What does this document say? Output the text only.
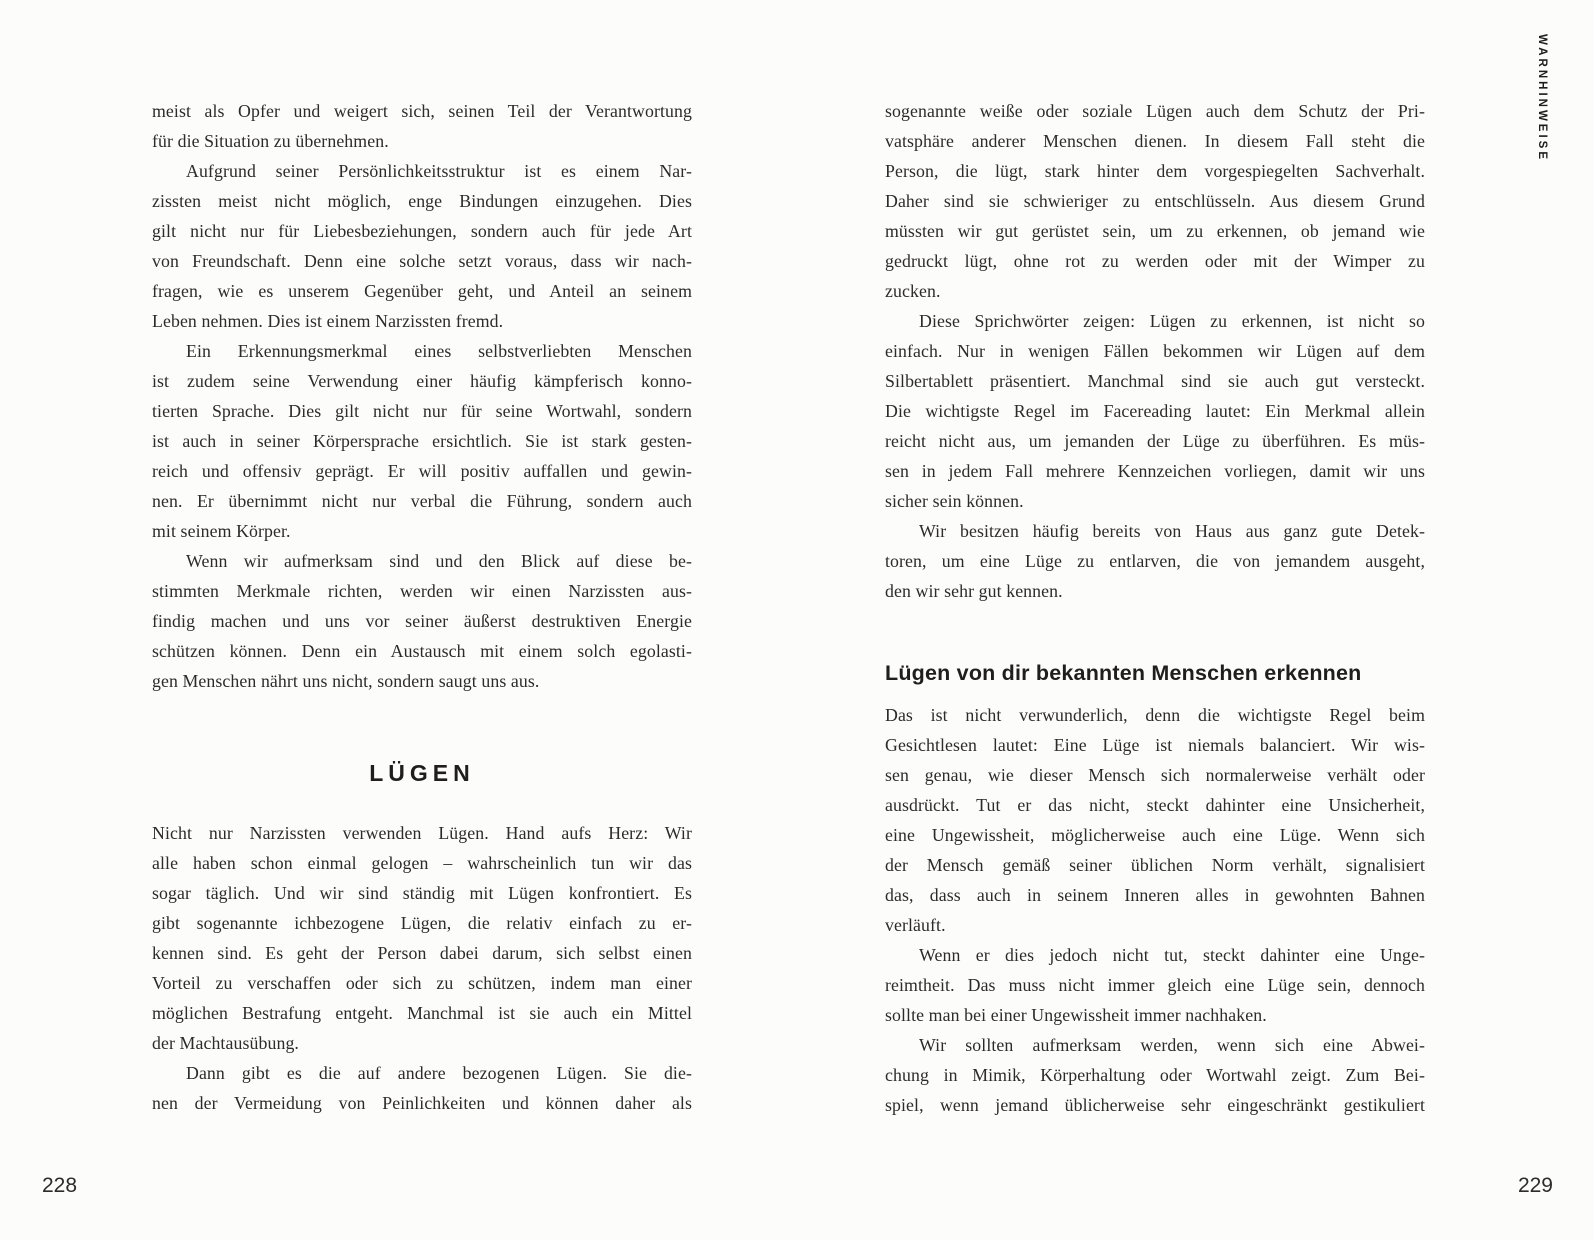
WARNHINWEISE
meist als Opfer und weigert sich, seinen Teil der Verantwortung
für die Situation zu übernehmen.
Aufgrund seiner Persönlichkeitsstruktur ist es einem Nar-
zissten meist nicht möglich, enge Bindungen einzugehen. Dies
gilt nicht nur für Liebesbeziehungen, sondern auch für jede Art
von Freundschaft. Denn eine solche setzt voraus, dass wir nach-
fragen, wie es unserem Gegenüber geht, und Anteil an seinem
Leben nehmen. Dies ist einem Narzissten fremd.
Ein Erkennungsmerkmal eines selbstverliebten Menschen
ist zudem seine Verwendung einer häufig kämpferisch konno-
tierten Sprache. Dies gilt nicht nur für seine Wortwahl, sondern
ist auch in seiner Körpersprache ersichtlich. Sie ist stark gesten-
reich und offensiv geprägt. Er will positiv auffallen und gewin-
nen. Er übernimmt nicht nur verbal die Führung, sondern auch
mit seinem Körper.
Wenn wir aufmerksam sind und den Blick auf diese be-
stimmten Merkmale richten, werden wir einen Narzissten aus-
findig machen und uns vor seiner äußerst destruktiven Energie
schützen können. Denn ein Austausch mit einem solch egolasti-
gen Menschen nährt uns nicht, sondern saugt uns aus.
LÜGEN
Nicht nur Narzissten verwenden Lügen. Hand aufs Herz: Wir
alle haben schon einmal gelogen – wahrscheinlich tun wir das
sogar täglich. Und wir sind ständig mit Lügen konfrontiert. Es
gibt sogenannte ichbezogene Lügen, die relativ einfach zu er-
kennen sind. Es geht der Person dabei darum, sich selbst einen
Vorteil zu verschaffen oder sich zu schützen, indem man einer
möglichen Bestrafung entgeht. Manchmal ist sie auch ein Mittel
der Machtausübung.
Dann gibt es die auf andere bezogenen Lügen. Sie die-
nen der Vermeidung von Peinlichkeiten und können daher als
228
sogenannte weiße oder soziale Lügen auch dem Schutz der Pri-
vatsphäre anderer Menschen dienen. In diesem Fall steht die
Person, die lügt, stark hinter dem vorgespiegelten Sachverhalt.
Daher sind sie schwieriger zu entschlüsseln. Aus diesem Grund
müssten wir gut gerüstet sein, um zu erkennen, ob jemand wie
gedruckt lügt, ohne rot zu werden oder mit der Wimper zu
zucken.
Diese Sprichwörter zeigen: Lügen zu erkennen, ist nicht so
einfach. Nur in wenigen Fällen bekommen wir Lügen auf dem
Silbertablett präsentiert. Manchmal sind sie auch gut versteckt.
Die wichtigste Regel im Facereading lautet: Ein Merkmal allein
reicht nicht aus, um jemanden der Lüge zu überführen. Es müs-
sen in jedem Fall mehrere Kennzeichen vorliegen, damit wir uns
sicher sein können.
Wir besitzen häufig bereits von Haus aus ganz gute Detek-
toren, um eine Lüge zu entlarven, die von jemandem ausgeht,
den wir sehr gut kennen.
Lügen von dir bekannten Menschen erkennen
Das ist nicht verwunderlich, denn die wichtigste Regel beim
Gesichtlesen lautet: Eine Lüge ist niemals balanciert. Wir wis-
sen genau, wie dieser Mensch sich normalerweise verhält oder
ausdrückt. Tut er das nicht, steckt dahinter eine Unsicherheit,
eine Ungewissheit, möglicherweise auch eine Lüge. Wenn sich
der Mensch gemäß seiner üblichen Norm verhält, signalisiert
das, dass auch in seinem Inneren alles in gewohnten Bahnen
verläuft.
Wenn er dies jedoch nicht tut, steckt dahinter eine Unge-
reimtheit. Das muss nicht immer gleich eine Lüge sein, dennoch
sollte man bei einer Ungewissheit immer nachhaken.
Wir sollten aufmerksam werden, wenn sich eine Abwei-
chung in Mimik, Körperhaltung oder Wortwahl zeigt. Zum Bei-
spiel, wenn jemand üblicherweise sehr eingeschränkt gestikuliert
229
